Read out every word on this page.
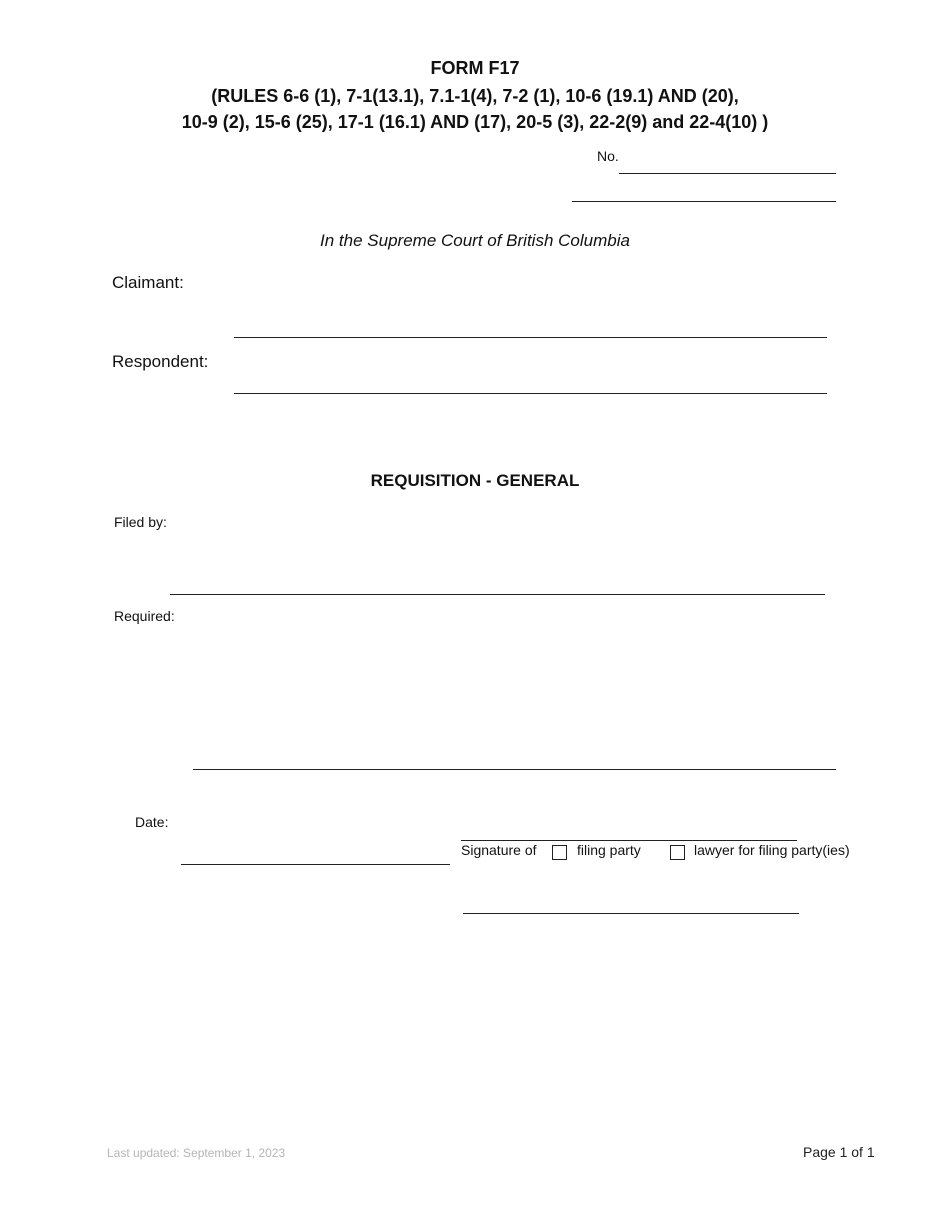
FORM F17
(RULES 6-6 (1), 7-1(13.1), 7.1-1(4), 7-2 (1), 10-6 (19.1) AND (20),
10-9 (2), 15-6 (25), 17-1 (16.1) AND (17), 20-5 (3), 22-2(9) and 22-4(10) )
No.
In the Supreme Court of British Columbia
Claimant:
Respondent:
REQUISITION - GENERAL
Filed by:
Required:
Date:
Signature of	filing party	lawyer for filing party(ies)
Last updated: September 1, 2023	Page 1 of 1
